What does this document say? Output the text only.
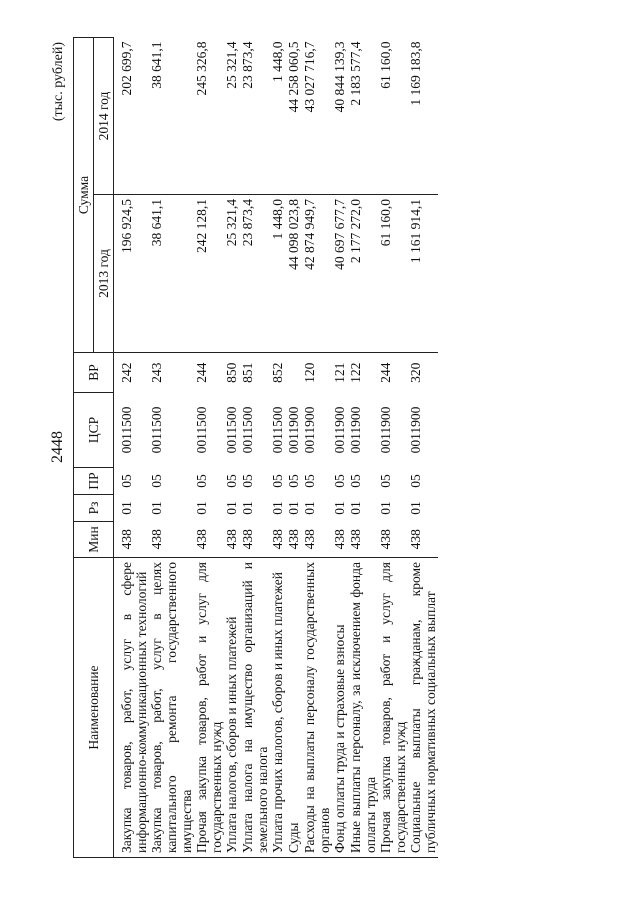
2448
(тыс. рублей)
Наименование	Мин	Рз	ПР	ЦСР	ВР	Сумма	
						2013 год	2014 год
Закупка товаров, работ, услуг в сфере информационно-коммуникационных технологий	438	01	05	0011500	242	196 924,5	202 699,7
Закупка товаров, работ, услуг в целях капитального ремонта государственного имущества	438	01	05	0011500	243	38 641,1	38 641,1
Прочая закупка товаров, работ и услуг для государственных нужд	438	01	05	0011500	244	242 128,1	245 326,8
Уплата налогов, сборов и иных платежей	438	01	05	0011500	850	25 321,4	25 321,4
Уплата налога на имущество организаций и земельного налога	438	01	05	0011500	851	23 873,4	23 873,4
Уплата прочих налогов, сборов и иных платежей	438	01	05	0011500	852	1 448,0	1 448,0
Суды	438	01	05	0011900		44 098 023,8	44 258 060,5
Расходы на выплаты персоналу государственных органов	438	01	05	0011900	120	42 874 949,7	43 027 716,7
Фонд оплаты труда и страховые взносы	438	01	05	0011900	121	40 697 677,7	40 844 139,3
Иные выплаты персоналу, за исключением фонда оплаты труда	438	01	05	0011900	122	2 177 272,0	2 183 577,4
Прочая закупка товаров, работ и услуг для государственных нужд	438	01	05	0011900	244	61 160,0	61 160,0
Социальные выплаты гражданам, кроме публичных нормативных социальных выплат	438	01	05	0011900	320	1 161 914,1	1 169 183,8
